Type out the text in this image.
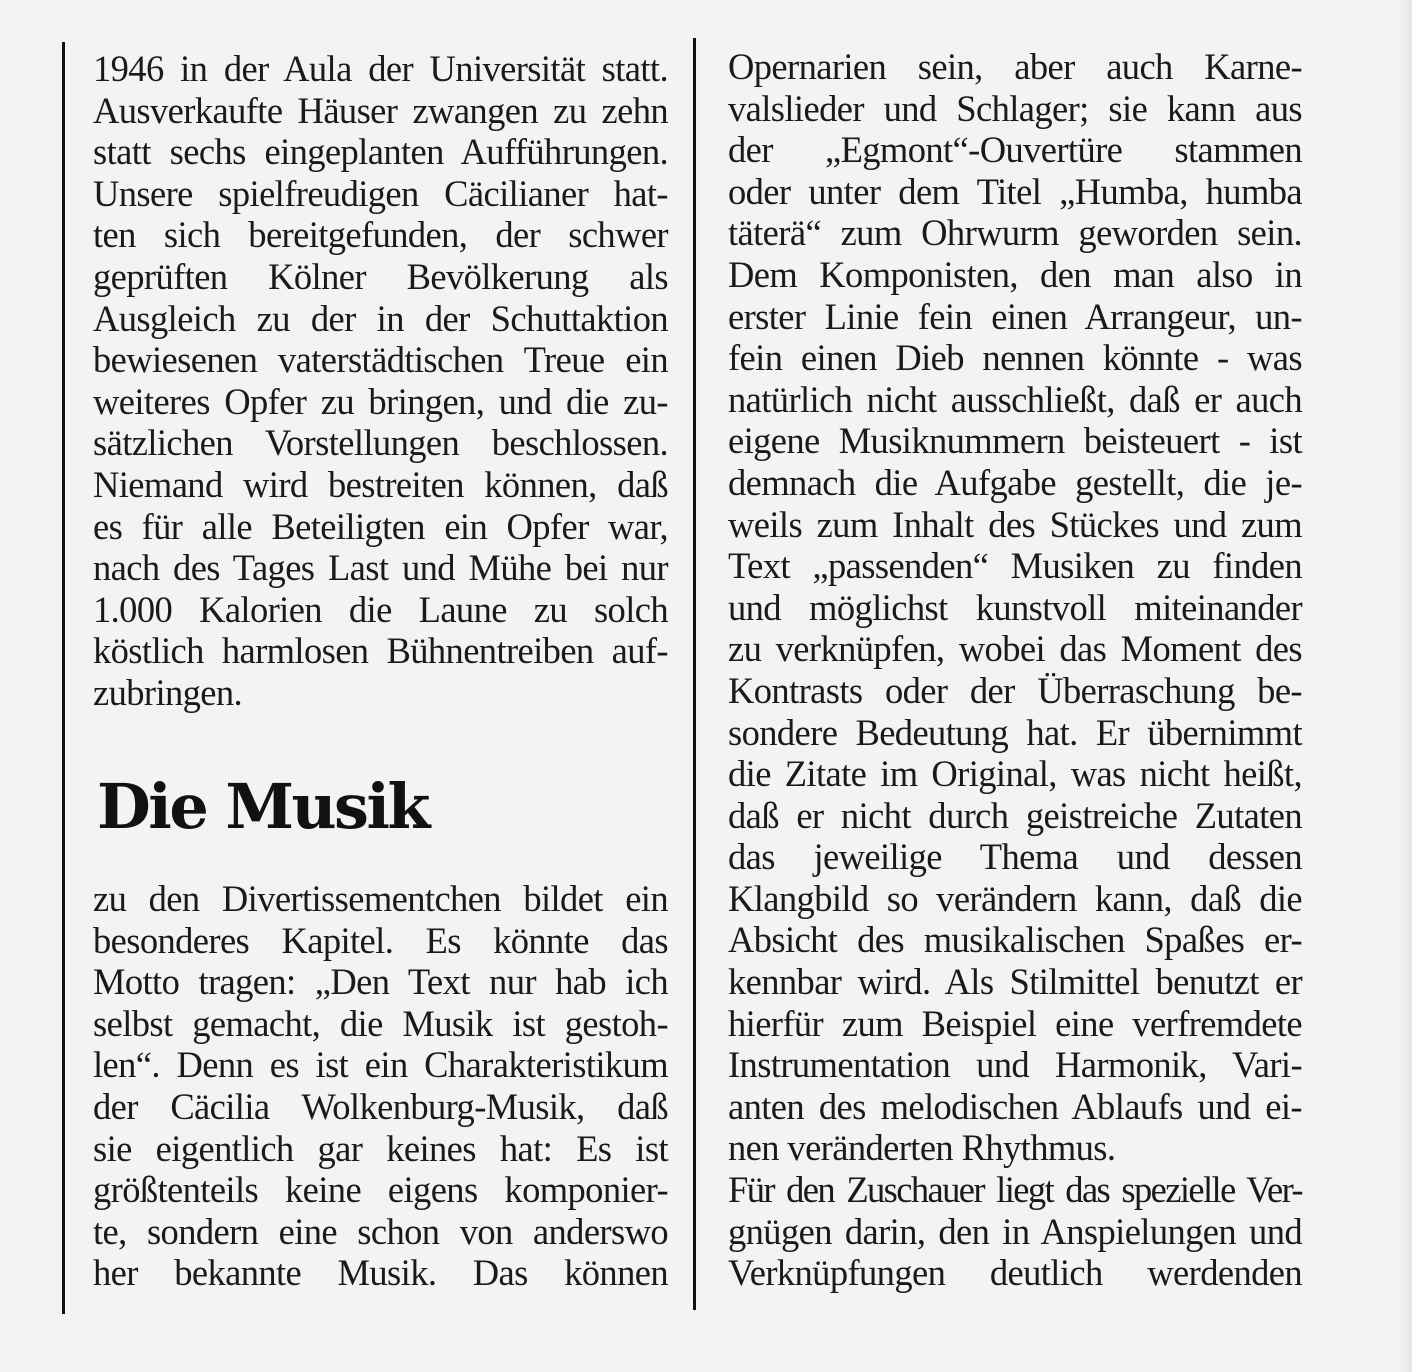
1946 in der Aula der Universität statt.
Ausverkaufte Häuser zwangen zu zehn
statt sechs eingeplanten Aufführungen.
Unsere spielfreudigen Cäcilianer hat-
ten sich bereitgefunden, der schwer
geprüften Kölner Bevölkerung als
Ausgleich zu der in der Schuttaktion
bewiesenen vaterstädtischen Treue ein
weiteres Opfer zu bringen, und die zu-
sätzlichen Vorstellungen beschlossen.
Niemand wird bestreiten können, daß
es für alle Beteiligten ein Opfer war,
nach des Tages Last und Mühe bei nur
1.000 Kalorien die Laune zu solch
köstlich harmlosen Bühnentreiben auf-
zubringen.
Die Musik
zu den Divertissementchen bildet ein
besonderes Kapitel. Es könnte das
Motto tragen: „Den Text nur hab ich
selbst gemacht, die Musik ist gestoh-
len“. Denn es ist ein Charakteristikum
der Cäcilia Wolkenburg-Musik, daß
sie eigentlich gar keines hat: Es ist
größtenteils keine eigens komponier-
te, sondern eine schon von anderswo
her bekannte Musik. Das können
Opernarien sein, aber auch Karne-
valslieder und Schlager; sie kann aus
der „Egmont“-Ouvertüre stammen
oder unter dem Titel „Humba, humba
täterä“ zum Ohrwurm geworden sein.
Dem Komponisten, den man also in
erster Linie fein einen Arrangeur, un-
fein einen Dieb nennen könnte - was
natürlich nicht ausschließt, daß er auch
eigene Musiknummern beisteuert - ist
demnach die Aufgabe gestellt, die je-
weils zum Inhalt des Stückes und zum
Text „passenden“ Musiken zu finden
und möglichst kunstvoll miteinander
zu verknüpfen, wobei das Moment des
Kontrasts oder der Überraschung be-
sondere Bedeutung hat. Er übernimmt
die Zitate im Original, was nicht heißt,
daß er nicht durch geistreiche Zutaten
das jeweilige Thema und dessen
Klangbild so verändern kann, daß die
Absicht des musikalischen Spaßes er-
kennbar wird. Als Stilmittel benutzt er
hierfür zum Beispiel eine verfremdete
Instrumentation und Harmonik, Vari-
anten des melodischen Ablaufs und ei-
nen veränderten Rhythmus.
Für den Zuschauer liegt das spezielle Ver-
gnügen darin, den in Anspielungen und
Verknüpfungen deutlich werdenden
